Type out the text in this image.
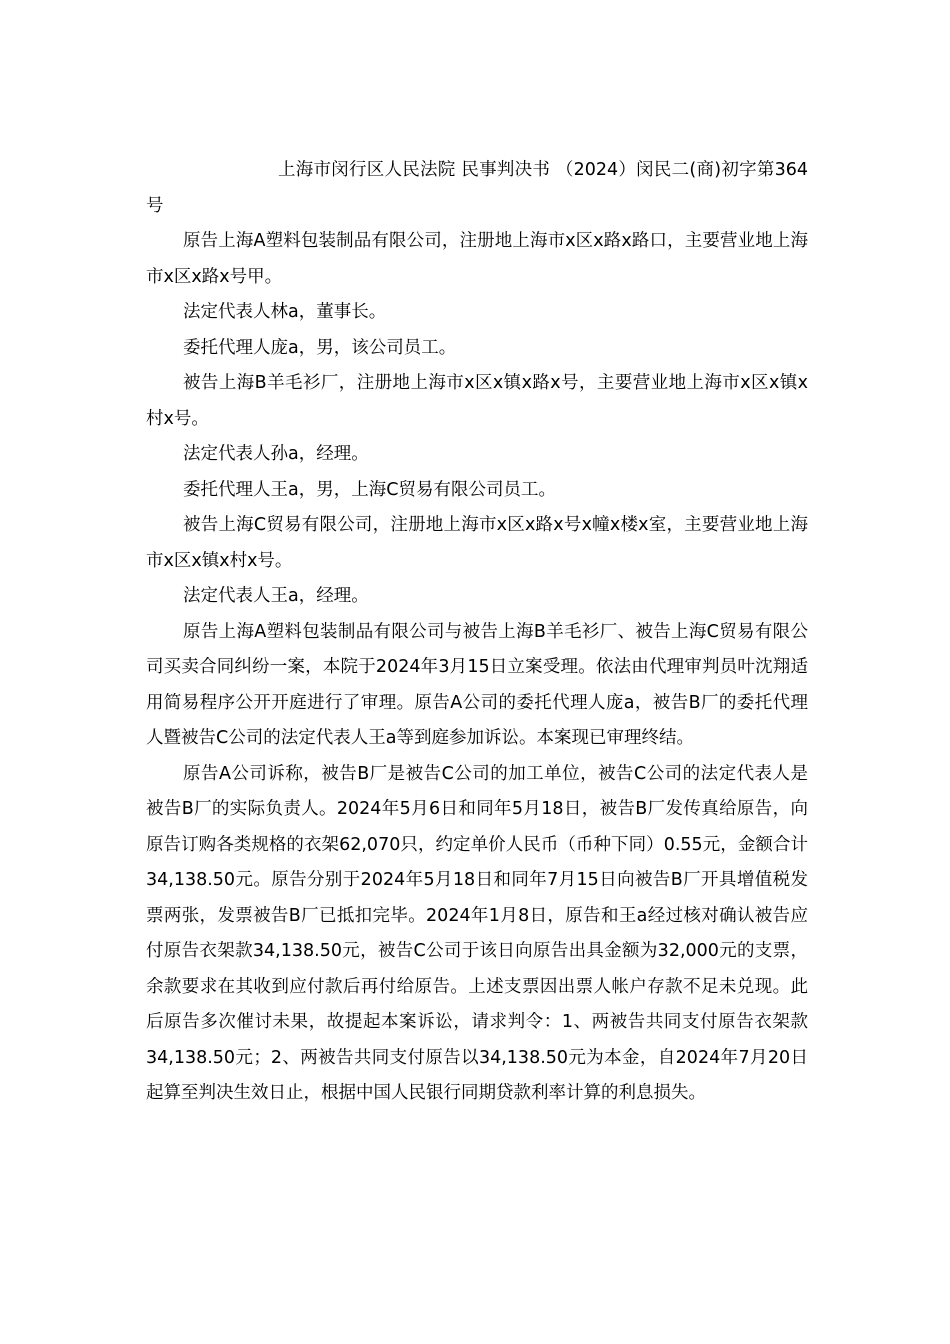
上海市闵行区人民法院 民事判决书 （2024）闵民二(商)初字第364号

原告上海A塑料包装制品有限公司，注册地上海市x区x路x路口，主要营业地上海市x区x路x号甲。

法定代表人林a，董事长。

委托代理人庞a，男，该公司员工。

被告上海B羊毛衫厂，注册地上海市x区x镇x路x号，主要营业地上海市x区x镇x村x号。

法定代表人孙a，经理。

委托代理人王a，男，上海C贸易有限公司员工。

被告上海C贸易有限公司，注册地上海市x区x路x号x幢x楼x室，主要营业地上海市x区x镇x村x号。

法定代表人王a，经理。

原告上海A塑料包装制品有限公司与被告上海B羊毛衫厂、被告上海C贸易有限公司买卖合同纠纷一案，本院于2024年3月15日立案受理。依法由代理审判员叶沈翔适用简易程序公开开庭进行了审理。原告A公司的委托代理人庞a，被告B厂的委托代理人暨被告C公司的法定代表人王a等到庭参加诉讼。本案现已审理终结。

原告A公司诉称，被告B厂是被告C公司的加工单位，被告C公司的法定代表人是被告B厂的实际负责人。2024年5月6日和同年5月18日，被告B厂发传真给原告，向原告订购各类规格的衣架62,070只，约定单价人民币（币种下同）0.55元，金额合计34,138.50元。原告分别于2024年5月18日和同年7月15日向被告B厂开具增值税发票两张，发票被告B厂已抵扣完毕。2024年1月8日，原告和王a经过核对确认被告应付原告衣架款34,138.50元，被告C公司于该日向原告出具金额为32,000元的支票，余款要求在其收到应付款后再付给原告。上述支票因出票人帐户存款不足未兑现。此后原告多次催讨未果，故提起本案诉讼，请求判令：1、两被告共同支付原告衣架款34,138.50元；2、两被告共同支付原告以34,138.50元为本金，自2024年7月20日起算至判决生效日止，根据中国人民银行同期贷款利率计算的利息损失。
